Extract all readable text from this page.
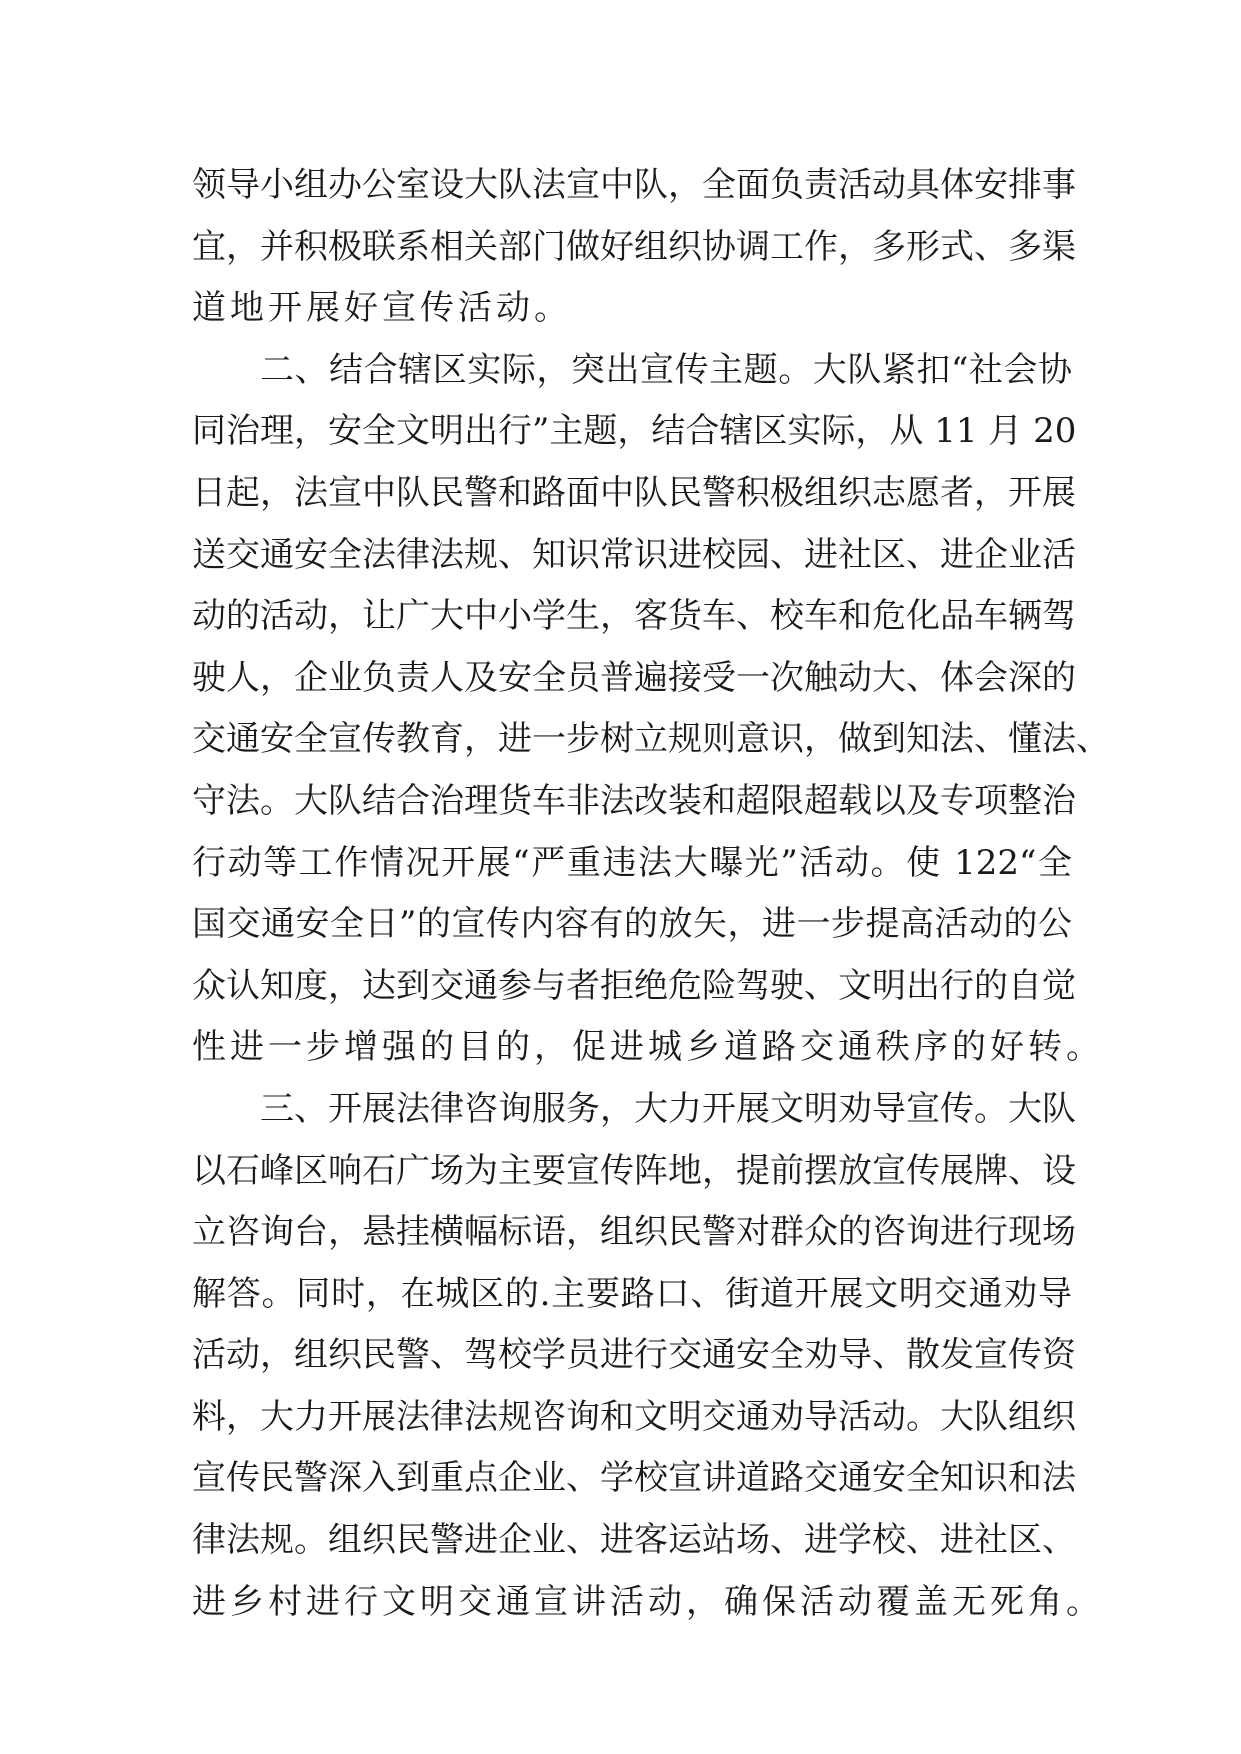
领导小组办公室设大队法宣中队，全面负责活动具体安排事
宜，并积极联系相关部门做好组织协调工作，多形式、多渠
道地开展好宣传活动。
二、结合辖区实际，突出宣传主题。大队紧扣“社会协
同治理，安全文明出行”主题，结合辖区实际，从 11 月 20
日起，法宣中队民警和路面中队民警积极组织志愿者，开展
送交通安全法律法规、知识常识进校园、进社区、进企业活
动的活动，让广大中小学生，客货车、校车和危化品车辆驾
驶人，企业负责人及安全员普遍接受一次触动大、体会深的
交通安全宣传教育，进一步树立规则意识，做到知法、懂法、
守法。大队结合治理货车非法改装和超限超载以及专项整治
行动等工作情况开展“严重违法大曝光”活动。使 122“全
国交通安全日”的宣传内容有的放矢，进一步提高活动的公
众认知度，达到交通参与者拒绝危险驾驶、文明出行的自觉
性进一步增强的目的，促进城乡道路交通秩序的好转。
三、开展法律咨询服务，大力开展文明劝导宣传。大队
以石峰区响石广场为主要宣传阵地，提前摆放宣传展牌、设
立咨询台，悬挂横幅标语，组织民警对群众的咨询进行现场
解答。同时，在城区的.主要路口、街道开展文明交通劝导
活动，组织民警、驾校学员进行交通安全劝导、散发宣传资
料，大力开展法律法规咨询和文明交通劝导活动。大队组织
宣传民警深入到重点企业、学校宣讲道路交通安全知识和法
律法规。组织民警进企业、进客运站场、进学校、进社区、
进乡村进行文明交通宣讲活动，确保活动覆盖无死角。
